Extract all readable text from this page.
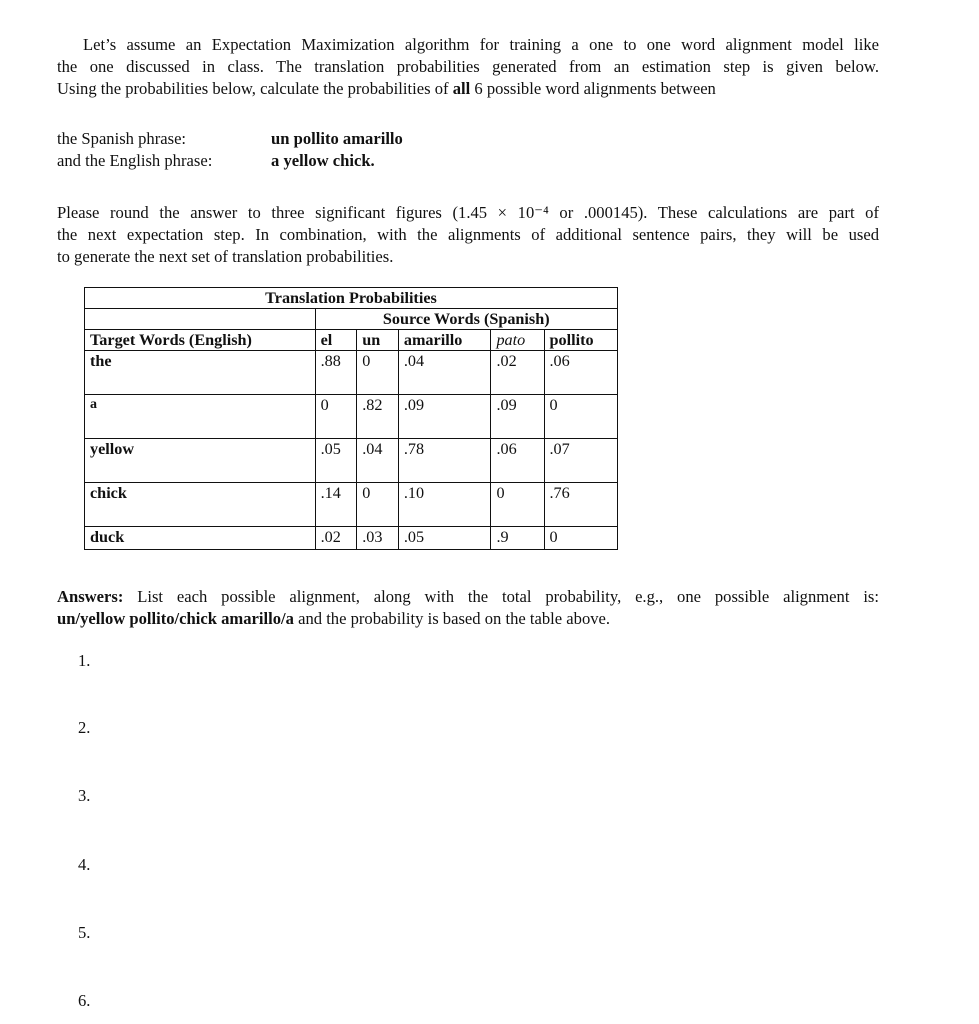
Let’s assume an Expectation Maximization algorithm for training a one to one word alignment model like
the one discussed in class. The translation probabilities generated from an estimation step is given below.
Using the probabilities below, calculate the probabilities of all 6 possible word alignments between
the Spanish phrase:	un pollito amarillo
and the English phrase:	a yellow chick.
Please round the answer to three significant figures (1.45 × 10⁻⁴ or .000145). These calculations are part of
the next expectation step. In combination, with the alignments of additional sentence pairs, they will be used
to generate the next set of translation probabilities.
Translation Probabilities					
	Source Words (Spanish)				
Target Words (English)	el	un	amarillo	pato	pollito
the	.88	0	.04	.02	.06
a	0	.82	.09	.09	0
yellow	.05	.04	.78	.06	.07
chick	.14	0	.10	0	.76
duck	.02	.03	.05	.9	0
Answers: List each possible alignment, along with the total probability, e.g., one possible alignment is:
un/yellow pollito/chick amarillo/a and the probability is based on the table above.
1.
2.
3.
4.
5.
6.
